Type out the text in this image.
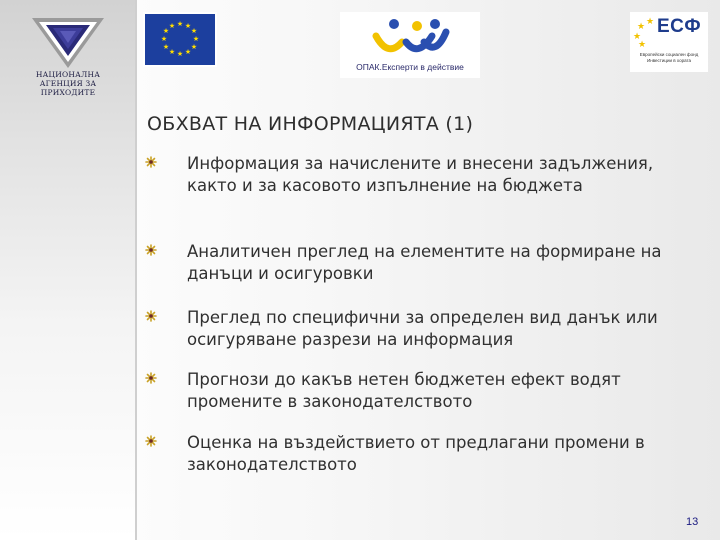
НАЦИОНАЛНА АГЕНЦИЯ ЗА ПРИХОДИТЕ
★ ★
★
★
★
★
★
★
★
★
★
★
ОПАК.Експерти в действие
★
★
★
★
ЕСФ
Европейски социален фонд Инвестиции в хората
ОБХВАТ НА ИНФОРМАЦИЯТА (1)
Информация за начислените и внесени задължения, както и за касовото изпълнение на бюджета
Аналитичен преглед на елементите на формиране на данъци и осигуровки
Преглед по специфични за определен вид данък или осигуряване разрези на информация
Прогнози до какъв нетен бюджетен ефект водят промените в законодателството
Оценка на въздействието от предлагани промени в законодателството
13
